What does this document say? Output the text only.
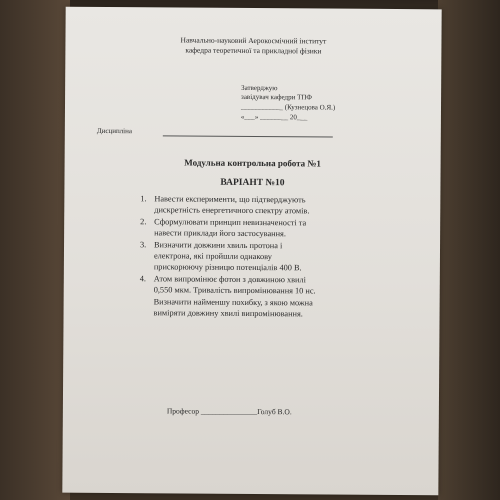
Навчально-науковий Аерокосмічний інститут
кафедра теоретичної та прикладної фізики
Затверджую
завідувач кафедри ТПФ
____________ (Кузнецова О.Я.)
«___» ________ 20___
Дисципліна
Модульна контрольна робота №1
ВАРІАНТ №10
1. Навести експерименти, що підтверджують
дискретність енергетичного спектру атомів.
2. Сформулювати принцип невизначеності та
навести приклади його застосування.
3. Визначити довжини хвиль протона і
електрона, які пройшли однакову
прискорюючу різницю потенціалів 400 В.
4. Атом випромінює фотон з довжиною хвилі
0,550 мкм. Тривалість випромінювання 10 нс.
Визначити найменшу похибку, з якою можна
виміряти довжину хвилі випромінювання.
Професор _______________Голуб В.О.
